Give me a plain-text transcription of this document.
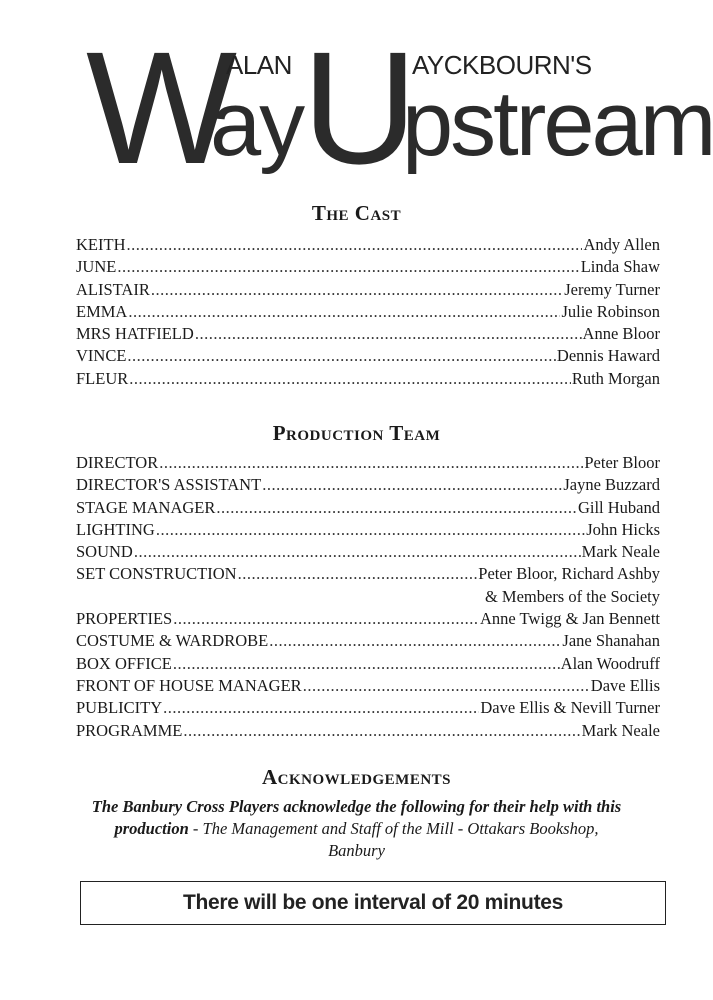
W
ay
U
pstream
ALAN	AYCKBOURN'S
The Cast
KEITH .....	Andy Allen
JUNE .....	Linda Shaw
ALISTAIR .....	Jeremy Turner
EMMA .....	Julie Robinson
MRS HATFIELD .....	Anne Bloor
VINCE .....	Dennis Haward
FLEUR .....	Ruth Morgan
Production Team
DIRECTOR .....	Peter Bloor
DIRECTOR'S ASSISTANT .....	Jayne Buzzard
STAGE MANAGER .....	Gill Huband
LIGHTING .....	John Hicks
SOUND .....	Mark Neale
SET CONSTRUCTION .....	Peter Bloor, Richard Ashby
& Members of the Society
PROPERTIES .....	Anne Twigg & Jan Bennett
COSTUME & WARDROBE .....	Jane Shanahan
BOX OFFICE .....	Alan Woodruff
FRONT OF HOUSE MANAGER .....	Dave Ellis
PUBLICITY .....	Dave Ellis & Nevill Turner
PROGRAMME .....	Mark Neale
Acknowledgements
The Banbury Cross Players acknowledge the following for their help with this production - The Management and Staff of the Mill - Ottakars Bookshop, Banbury
There will be one interval of 20 minutes
